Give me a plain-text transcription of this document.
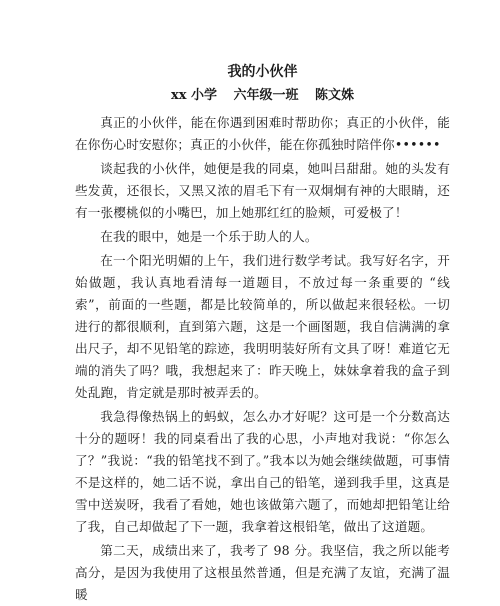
我的小伙伴
xx 小学 六年级一班 陈文姝

真正的小伙伴，能在你遇到困难时帮助你；真正的小伙伴，能在你伤心时安慰你；真正的小伙伴，能在你孤独时陪伴你••••••

谈起我的小伙伴，她便是我的同桌，她叫吕甜甜。她的头发有些发黄，还很长，又黑又浓的眉毛下有一双炯炯有神的大眼睛，还有一张樱桃似的小嘴巴，加上她那红红的脸颊，可爱极了！

在我的眼中，她是一个乐于助人的人。

在一个阳光明媚的上午，我们进行数学考试。我写好名字，开始做题，我认真地看清每一道题目，不放过每一条重要的 “线索”，前面的一些题，都是比较简单的，所以做起来很轻松。一切进行的都很顺利，直到第六题，这是一个画图题，我自信满满的拿出尺子，却不见铅笔的踪迹，我明明装好所有文具了呀！难道它无端的消失了吗？哦，我想起来了：昨天晚上，妹妹拿着我的盒子到处乱跑，肯定就是那时被弄丢的。

我急得像热锅上的蚂蚁，怎么办才好呢？这可是一个分数高达十分的题呀！我的同桌看出了我的心思，小声地对我说：“你怎么了？”我说：“我的铅笔找不到了。”我本以为她会继续做题，可事情不是这样的，她二话不说，拿出自己的铅笔，递到我手里，这真是雪中送炭呀，我看了看她，她也该做第六题了，而她却把铅笔让给了我，自己却做起了下一题，我拿着这根铅笔，做出了这道题。

第二天，成绩出来了，我考了 98 分。我坚信，我之所以能考高分，是因为我使用了这根虽然普通，但是充满了友谊，充满了温暖
